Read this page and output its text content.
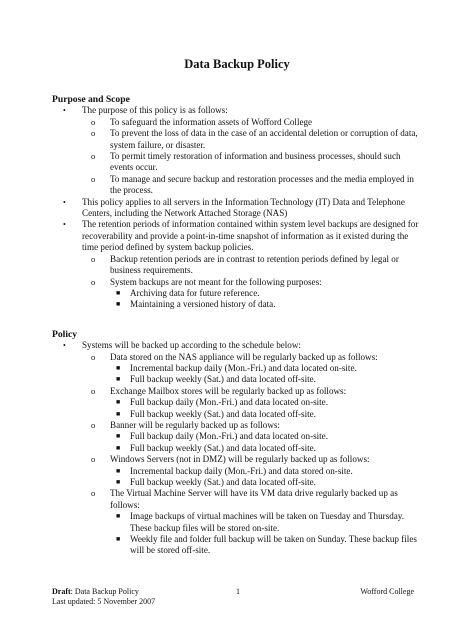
Data Backup Policy
Purpose and Scope
• The purpose of this policy is as follows:
o To safeguard the information assets of Wofford College
o To prevent the loss of data in the case of an accidental deletion or corruption of data, system failure, or disaster.
o To permit timely restoration of information and business processes, should such events occur.
o To manage and secure backup and restoration processes and the media employed in the process.
• This policy applies to all servers in the Information Technology (IT) Data and Telephone Centers, including the Network Attached Storage (NAS)
• The retention periods of information contained within system level backups are designed for recoverability and provide a point-in-time snapshot of information as it existed during the time period defined by system backup policies.
o Backup retention periods are in contrast to retention periods defined by legal or business requirements.
o System backups are not meant for the following purposes:
■ Archiving data for future reference.
■ Maintaining a versioned history of data.
Policy
• Systems will be backed up according to the schedule below:
o Data stored on the NAS appliance will be regularly backed up as follows:
■ Incremental backup daily (Mon.-Fri.) and data located on-site.
■ Full backup weekly (Sat.) and data located off-site.
o Exchange Mailbox stores will be regularly backed up as follows:
■ Full backup daily (Mon.-Fri.) and data located on-site.
■ Full backup weekly (Sat.) and data located off-site.
o Banner will be regularly backed up as follows:
■ Full backup daily (Mon.-Fri.) and data located on-site.
■ Full backup weekly (Sat.) and data located off-site.
o Windows Servers (not in DMZ) will be regularly backed up as follows:
■ Incremental backup daily (Mon.-Fri.) and data stored on-site.
■ Full backup weekly (Sat.) and data located off-site.
o The Virtual Machine Server will have its VM data drive regularly backed up as follows:
■ Image backups of virtual machines will be taken on Tuesday and Thursday. These backup files will be stored on-site.
■ Weekly file and folder full backup will be taken on Sunday. These backup files will be stored off-site.
Draft: Data Backup Policy	1	Wofford College
Last updated: 5 November 2007
